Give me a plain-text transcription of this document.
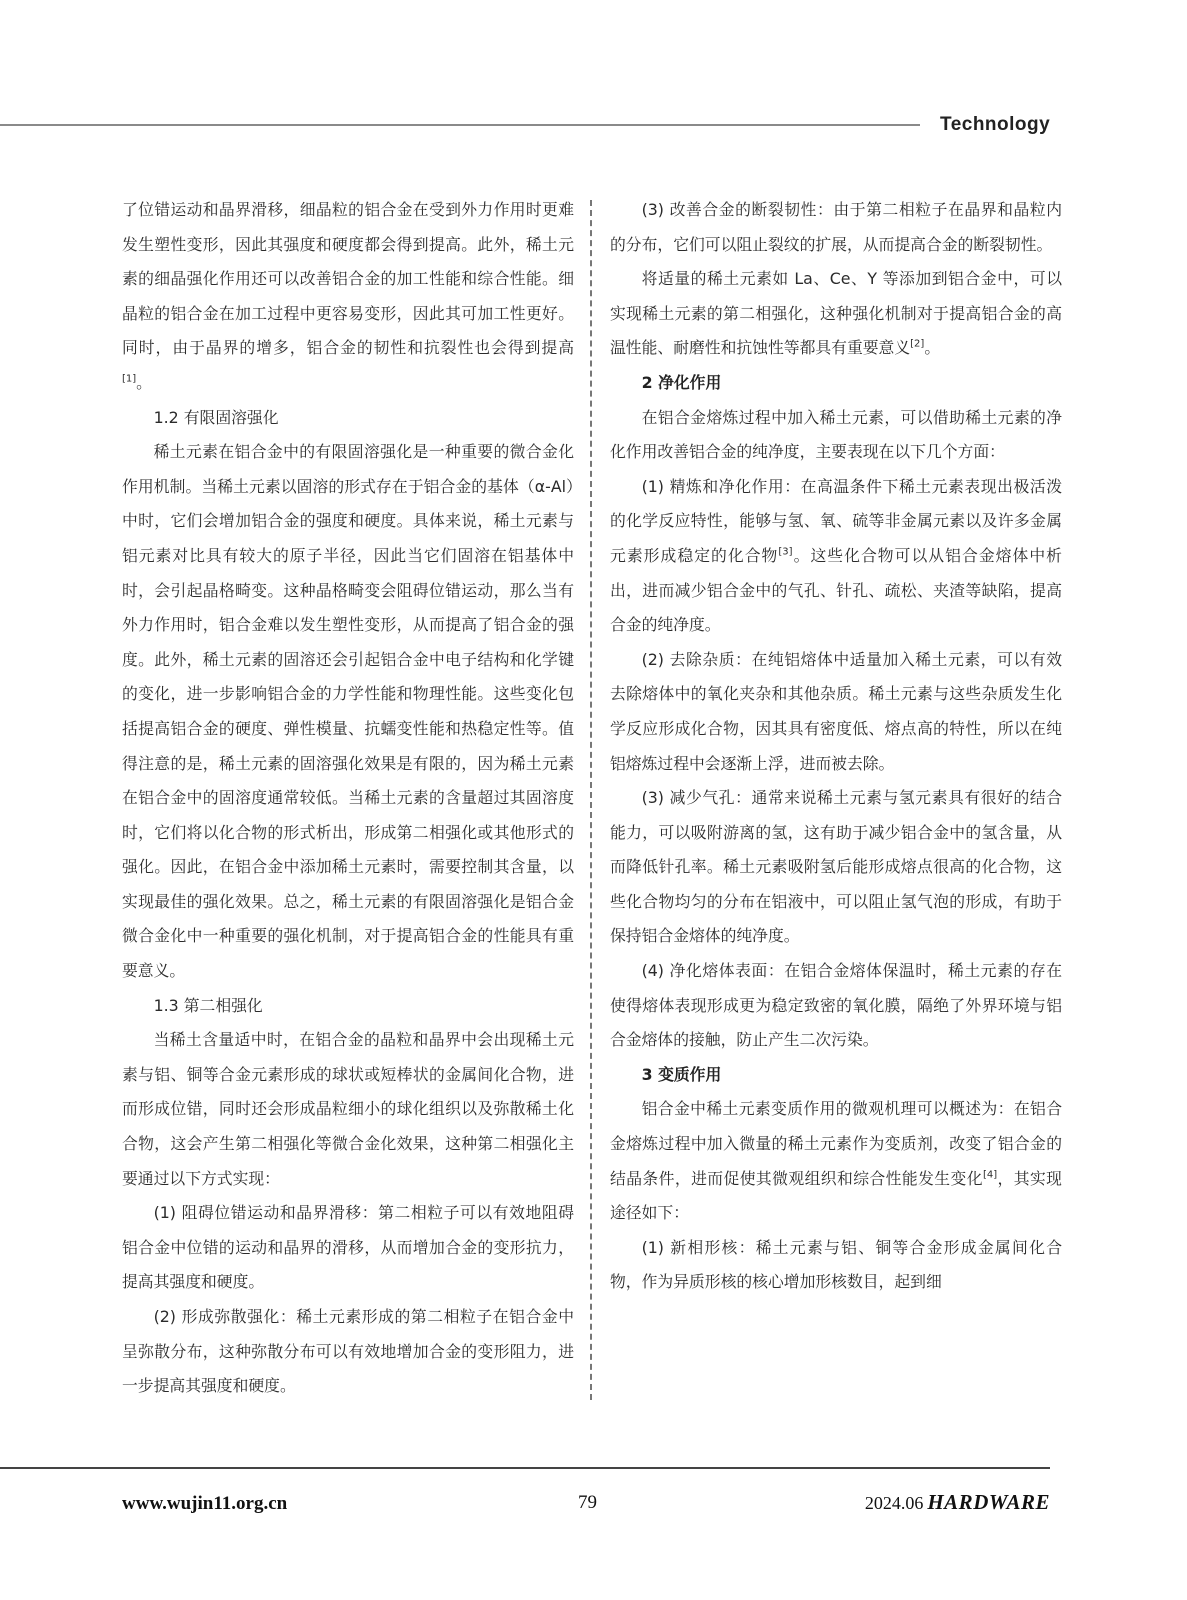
Technology

了位错运动和晶界滑移，细晶粒的铝合金在受到外力作用时更难发生塑性变形，因此其强度和硬度都会得到提高。此外，稀土元素的细晶强化作用还可以改善铝合金的加工性能和综合性能。细晶粒的铝合金在加工过程中更容易变形，因此其可加工性更好。同时，由于晶界的增多，铝合金的韧性和抗裂性也会得到提高[1]。

1.2 有限固溶强化

稀土元素在铝合金中的有限固溶强化是一种重要的微合金化作用机制。当稀土元素以固溶的形式存在于铝合金的基体（α-Al）中时，它们会增加铝合金的强度和硬度。具体来说，稀土元素与铝元素对比具有较大的原子半径，因此当它们固溶在铝基体中时，会引起晶格畸变。这种晶格畸变会阻碍位错运动，那么当有外力作用时，铝合金难以发生塑性变形，从而提高了铝合金的强度。此外，稀土元素的固溶还会引起铝合金中电子结构和化学键的变化，进一步影响铝合金的力学性能和物理性能。这些变化包括提高铝合金的硬度、弹性模量、抗蠕变性能和热稳定性等。值得注意的是，稀土元素的固溶强化效果是有限的，因为稀土元素在铝合金中的固溶度通常较低。当稀土元素的含量超过其固溶度时，它们将以化合物的形式析出，形成第二相强化或其他形式的强化。因此，在铝合金中添加稀土元素时，需要控制其含量，以实现最佳的强化效果。总之，稀土元素的有限固溶强化是铝合金微合金化中一种重要的强化机制，对于提高铝合金的性能具有重要意义。

1.3 第二相强化

当稀土含量适中时，在铝合金的晶粒和晶界中会出现稀土元素与铝、铜等合金元素形成的球状或短棒状的金属间化合物，进而形成位错，同时还会形成晶粒细小的球化组织以及弥散稀土化合物，这会产生第二相强化等微合金化效果，这种第二相强化主要通过以下方式实现：

(1) 阻碍位错运动和晶界滑移：第二相粒子可以有效地阻碍铝合金中位错的运动和晶界的滑移，从而增加合金的变形抗力，提高其强度和硬度。

(2) 形成弥散强化：稀土元素形成的第二相粒子在铝合金中呈弥散分布，这种弥散分布可以有效地增加合金的变形阻力，进一步提高其强度和硬度。

(3) 改善合金的断裂韧性：由于第二相粒子在晶界和晶粒内的分布，它们可以阻止裂纹的扩展，从而提高合金的断裂韧性。

将适量的稀土元素如 La、Ce、Y 等添加到铝合金中，可以实现稀土元素的第二相强化，这种强化机制对于提高铝合金的高温性能、耐磨性和抗蚀性等都具有重要意义[2]。

2 净化作用

在铝合金熔炼过程中加入稀土元素，可以借助稀土元素的净化作用改善铝合金的纯净度，主要表现在以下几个方面：

(1) 精炼和净化作用：在高温条件下稀土元素表现出极活泼的化学反应特性，能够与氢、氧、硫等非金属元素以及许多金属元素形成稳定的化合物[3]。这些化合物可以从铝合金熔体中析出，进而减少铝合金中的气孔、针孔、疏松、夹渣等缺陷，提高合金的纯净度。

(2) 去除杂质：在纯铝熔体中适量加入稀土元素，可以有效去除熔体中的氧化夹杂和其他杂质。稀土元素与这些杂质发生化学反应形成化合物，因其具有密度低、熔点高的特性，所以在纯铝熔炼过程中会逐渐上浮，进而被去除。

(3) 减少气孔：通常来说稀土元素与氢元素具有很好的结合能力，可以吸附游离的氢，这有助于减少铝合金中的氢含量，从而降低针孔率。稀土元素吸附氢后能形成熔点很高的化合物，这些化合物均匀的分布在铝液中，可以阻止氢气泡的形成，有助于保持铝合金熔体的纯净度。

(4) 净化熔体表面：在铝合金熔体保温时，稀土元素的存在使得熔体表现形成更为稳定致密的氧化膜，隔绝了外界环境与铝合金熔体的接触，防止产生二次污染。

3 变质作用

铝合金中稀土元素变质作用的微观机理可以概述为：在铝合金熔炼过程中加入微量的稀土元素作为变质剂，改变了铝合金的结晶条件，进而促使其微观组织和综合性能发生变化[4]，其实现途径如下：

(1) 新相形核：稀土元素与铝、铜等合金形成金属间化合物，作为异质形核的核心增加形核数目，起到细

www.wujin11.org.cn	79	2024.06 HARDWARE
